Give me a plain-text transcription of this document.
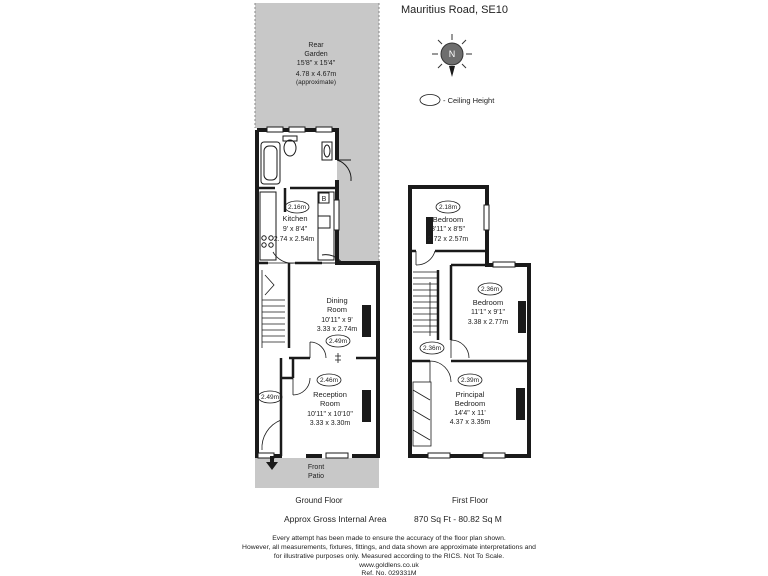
Rear
Garden
15'8" x 15'4"
4.78 x 4.67m
(approximate)
B
2.16m
Kitchen
9' x 8'4"
2.74 x 2.54m
Dining
Room
10'11" x 9'
3.33 x 2.74m
2.49m
2.46m
Reception
Room
10'11" x 10'10"
3.33 x 3.30m
2.49m
Front
Patio
Ground Floor
2.18m
Bedroom
8'11" x 8'5"
2.72 x 2.57m
2.36m
Bedroom
11'1" x 9'1"
3.38 x 2.77m
2.36m
2.39m
Principal
Bedroom
14'4" x 11'
4.37 x 3.35m
First Floor
Mauritius Road, SE10
N
- Ceiling Height
Approx Gross Internal Area	870 Sq Ft - 80.82 Sq M
Every attempt has been made to ensure the accuracy of the floor plan shown.
However, all measurements, fixtures, fittings, and data shown are approximate interpretations and
for illustrative purposes only. Measured according to the RICS. Not To Scale.
www.goldlens.co.uk
Ref. No. 029331M
